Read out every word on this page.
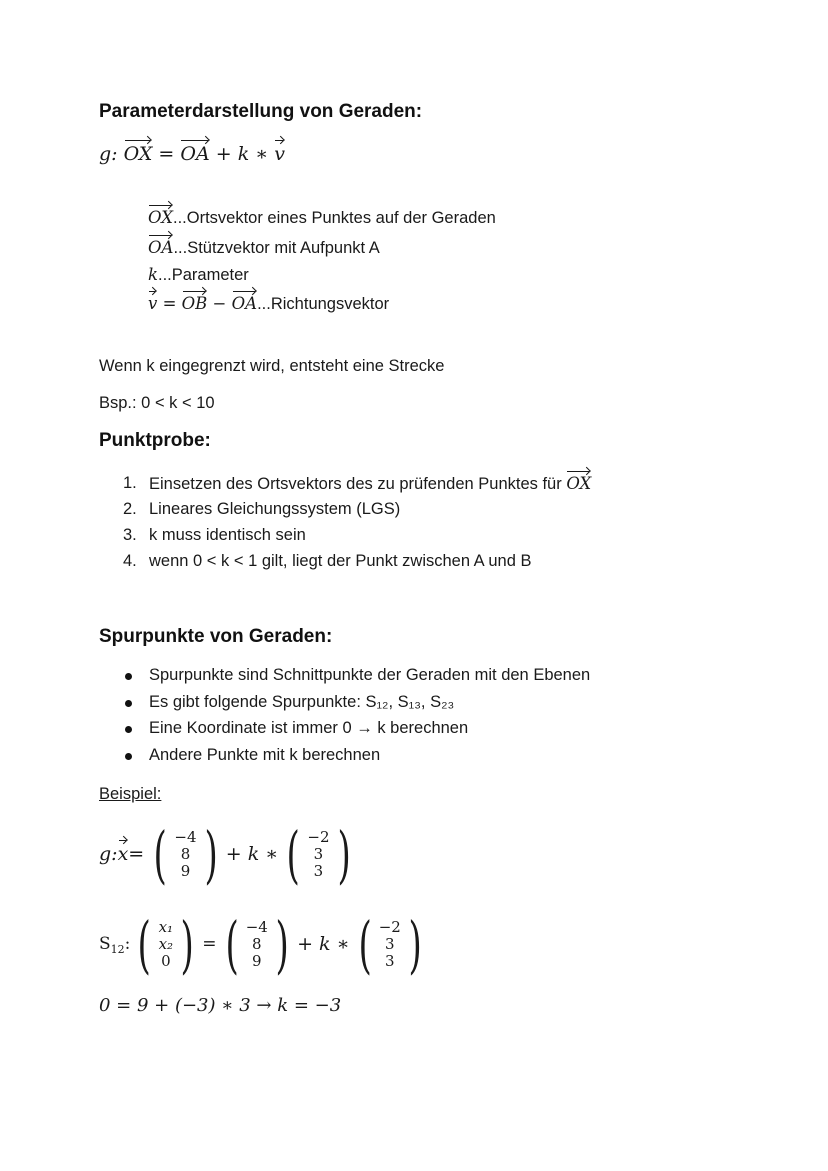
Parameterdarstellung von Geraden:
g: OX = OA + k ∗ v
OX...Ortsvektor eines Punktes auf der Geraden
OA...Stützvektor mit Aufpunkt A
k...Parameter
v = OB − OA...Richtungsvektor
Wenn k eingegrenzt wird, entsteht eine Strecke
Bsp.: 0 < k < 10
Punktprobe:
1. Einsetzen des Ortsvektors des zu prüfenden Punktes für OX
2. Lineares Gleichungssystem (LGS)
3. k muss identisch sein
4. wenn 0 < k < 1 gilt, liegt der Punkt zwischen A und B
Spurpunkte von Geraden:
Spurpunkte sind Schnittpunkte der Geraden mit den Ebenen
Es gibt folgende Spurpunkte: S₁₂, S₁₃, S₂₃
Eine Koordinate ist immer 0 → k berechnen
Andere Punkte mit k berechnen
Beispiel:
g: x = ( −4
8
9 ) + k ∗ ( −2
3
3 )
S 12 : ( x₁
x₂
0 ) = ( −4
8
9 ) + k ∗ ( −2
3
3 )
0 = 9 + (−3) ∗ 3 → k = −3
